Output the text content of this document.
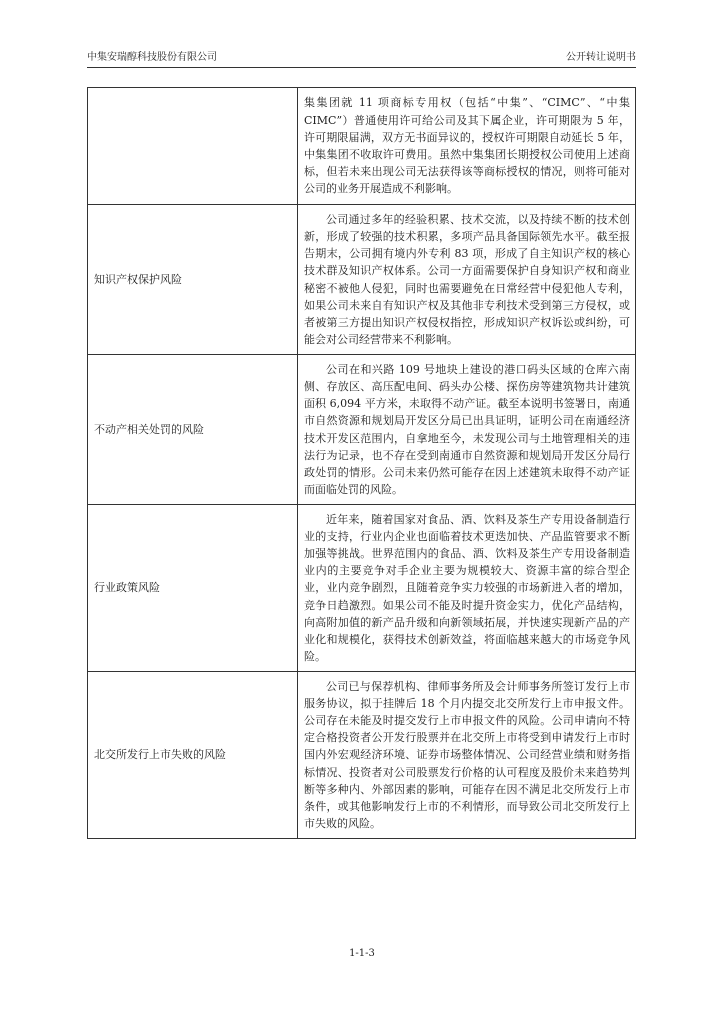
中集安瑞醇科技股份有限公司	公开转让说明书

	集集团就 11 项商标专用权（包括“中集”、“CIMC”、“中集 CIMC”）普通使用许可给公司及其下属企业，许可期限为 5 年，许可期限届满，双方无书面异议的，授权许可期限自动延长 5 年，中集集团不收取许可费用。虽然中集集团长期授权公司使用上述商标，但若未来出现公司无法获得该等商标授权的情况，则将可能对公司的业务开展造成不利影响。

知识产权保护风险	公司通过多年的经验积累、技术交流，以及持续不断的技术创新，形成了较强的技术积累，多项产品具备国际领先水平。截至报告期末，公司拥有境内外专利 83 项，形成了自主知识产权的核心技术群及知识产权体系。公司一方面需要保护自身知识产权和商业秘密不被他人侵犯，同时也需要避免在日常经营中侵犯他人专利，如果公司未来自有知识产权及其他非专利技术受到第三方侵权，或者被第三方提出知识产权侵权指控，形成知识产权诉讼或纠纷，可能会对公司经营带来不利影响。

不动产相关处罚的风险	公司在和兴路 109 号地块上建设的港口码头区域的仓库六南侧、存放区、高压配电间、码头办公楼、探伤房等建筑物共计建筑面积 6,094 平方米，未取得不动产证。截至本说明书签署日，南通市自然资源和规划局开发区分局已出具证明，证明公司在南通经济技术开发区范围内，自拿地至今，未发现公司与土地管理相关的违法行为记录，也不存在受到南通市自然资源和规划局开发区分局行政处罚的情形。公司未来仍然可能存在因上述建筑未取得不动产证而面临处罚的风险。

行业政策风险	近年来，随着国家对食品、酒、饮料及茶生产专用设备制造行业的支持，行业内企业也面临着技术更迭加快、产品监管要求不断加强等挑战。世界范围内的食品、酒、饮料及茶生产专用设备制造业内的主要竞争对手企业主要为规模较大、资源丰富的综合型企业，业内竞争剧烈，且随着竞争实力较强的市场新进入者的增加，竞争日趋激烈。如果公司不能及时提升资金实力，优化产品结构，向高附加值的新产品升级和向新领域拓展，并快速实现新产品的产业化和规模化，获得技术创新效益，将面临越来越大的市场竞争风险。

北交所发行上市失败的风险	公司已与保荐机构、律师事务所及会计师事务所签订发行上市服务协议，拟于挂牌后 18 个月内提交北交所发行上市申报文件。公司存在未能及时提交发行上市申报文件的风险。公司申请向不特定合格投资者公开发行股票并在北交所上市将受到申请发行上市时国内外宏观经济环境、证券市场整体情况、公司经营业绩和财务指标情况、投资者对公司股票发行价格的认可程度及股价未来趋势判断等多种内、外部因素的影响，可能存在因不满足北交所发行上市条件，或其他影响发行上市的不利情形，而导致公司北交所发行上市失败的风险。
1-1-3
